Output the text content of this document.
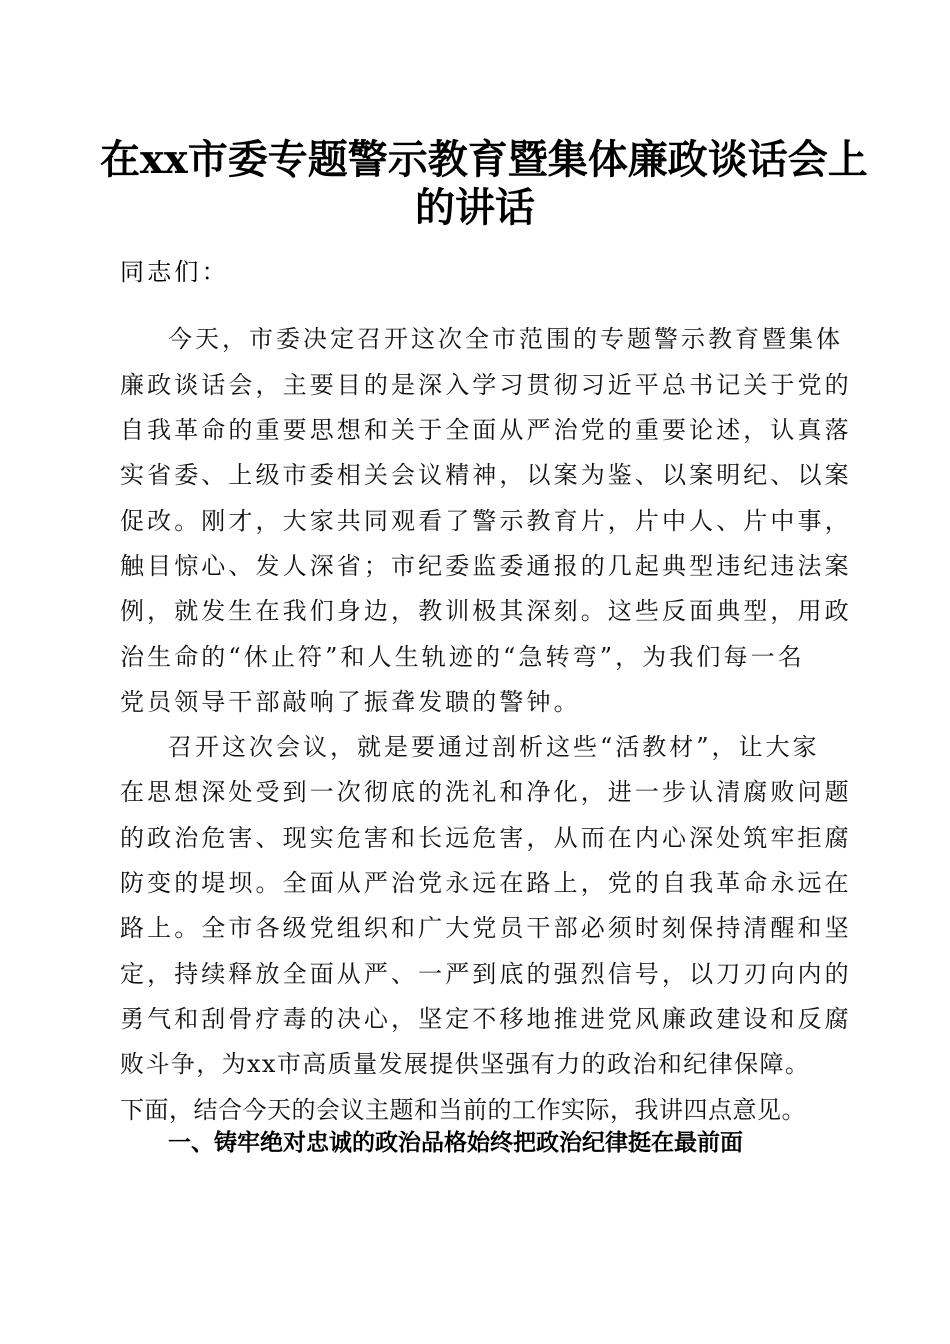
在xx市委专题警示教育暨集体廉政谈话会上
的讲话
同志们：
今天，市委决定召开这次全市范围的专题警示教育暨集体
廉政谈话会，主要目的是深入学习贯彻习近平总书记关于党的
自我革命的重要思想和关于全面从严治党的重要论述，认真落
实省委、上级市委相关会议精神，以案为鉴、以案明纪、以案
促改。刚才，大家共同观看了警示教育片，片中人、片中事，
触目惊心、发人深省；市纪委监委通报的几起典型违纪违法案
例，就发生在我们身边，教训极其深刻。这些反面典型，用政
治生命的“休止符”和人生轨迹的“急转弯”，为我们每一名
党员领导干部敲响了振聋发聩的警钟。
召开这次会议，就是要通过剖析这些“活教材”，让大家
在思想深处受到一次彻底的洗礼和净化，进一步认清腐败问题
的政治危害、现实危害和长远危害，从而在内心深处筑牢拒腐
防变的堤坝。全面从严治党永远在路上，党的自我革命永远在
路上。全市各级党组织和广大党员干部必须时刻保持清醒和坚
定，持续释放全面从严、一严到底的强烈信号，以刀刃向内的
勇气和刮骨疗毒的决心，坚定不移地推进党风廉政建设和反腐
败斗争，为xx市高质量发展提供坚强有力的政治和纪律保障。
下面，结合今天的会议主题和当前的工作实际，我讲四点意见。
一、铸牢绝对忠诚的政治品格始终把政治纪律挺在最前面
